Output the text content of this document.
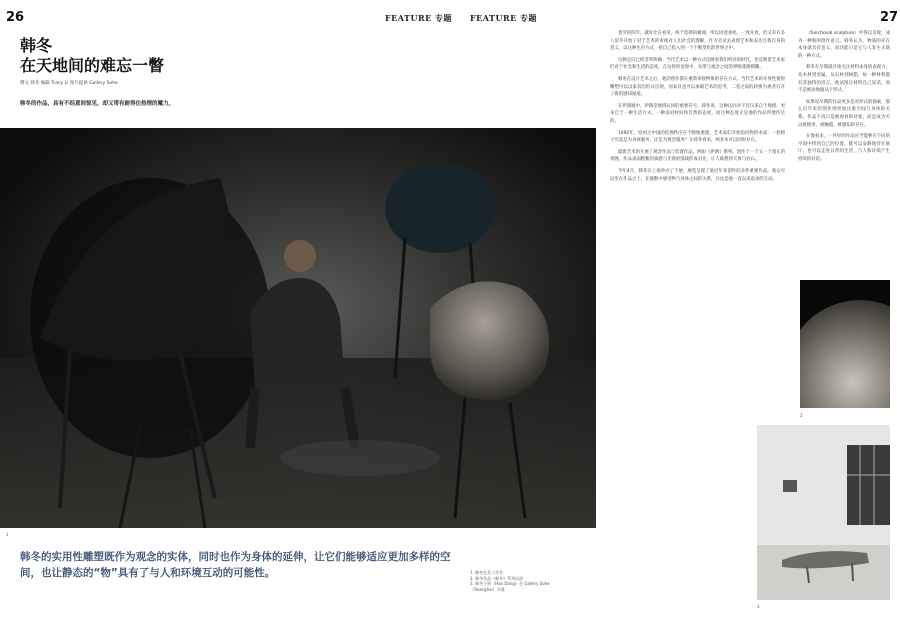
26	27
FEATURE 专题 FEATURE 专题
韩冬
在天地间的难忘一瞥
撰文 韩冬 编辑 Tracy Li 图片提供 Gallery Sohe
韩冬的作品，具有不经意间惊见，却又带有耐得住热情的魔力。
1
韩冬的实用性雕塑既作为观念的实体，同时也作为身体的延伸，让它们能够适应更加多样的空间，也让静态的“物”具有了与人和环境互动的可能性。	1. 韩冬在其工作室
2. 韩冬作品《韩冬》系列局部
3. 韩冬于展《Han Dong》在 Gallery Sohe（Shanghai）开幕

莫罗的四年，就好比在看见，两个选择的极端，所以同意承担，一致开放，但又有许多人似乎开始了对于艺术的审视对人们社会的理解，作为尝试去表现艺术和表达自我自身的意义，以这种生存方式，把自己投入到一个不断变化的世界之中。

这种走向已经非常明确：当代艺术以一种方式反映着我们所处的时代，也反映着艺术家们对于社会和生活的态度。在这样的语境中，实用与观念之间的界限逐渐模糊。

韩冬在设计艺术之后，他的创作都在重新审视物体的存在方式。当代艺术的开放性使得雕塑可以以家具的形式出现，而家具也可以承载艺术的思考，二者之间的转换为观者打开了新的感知通道。

在伊满城中，伊满是地域认同的重要符号。韩冬说，这种认同并不仅仅来自于地理，更来自于一种生活方式、一种面对时间和自然的态度，而这种态度正是他的作品所要传达的。

1492年，原初之中国的伦理秩序在不断地重建。艺术家们开始追问物的本质：一把椅子究竟是为身体服务，还是为观念服务？在韩冬看来，两者本可以同时存在。

最新艺术的开展了观念作品与装置作品，例如《伊满》系列，创作于一个又一个漫长的夜晚。作品表面粗粝的质感与光滑的弧线形成对比，让人联想到天体与岩石。

今年4月，韩冬在上海举办了个展，展览呈现了他近年来创作的多件重要作品。观众可以坐在作品之上，在静默中感受物与身体之间的关系，这也是他一直以来追求的互动。

（functional sculpture）中得以呈现，成为一种新的创作语言。韩冬认为，物质的存在本身就具有意义，而功能只是它与人发生关联的一种方式。

韩冬在早期就开始关注材料本身的表现力，从木材到金属，从石材到树脂，每一种材料都有其独特的语言。他试图让材料自己说话，而不是被动地服从于形式。

如果说早期的作品更多是对形式的探索，那么近年来的创作则更加注重空间与身体的关系。作品不再只是被观看的对象，而是成为可以被使用、被触摸、被感知的存在。

在他看来，一件好的作品应当能够在不同的空间中找到自己的位置，既可以安静地待在展厅，也可以走进日常的生活，与人和环境产生持续的对话。

2
3
